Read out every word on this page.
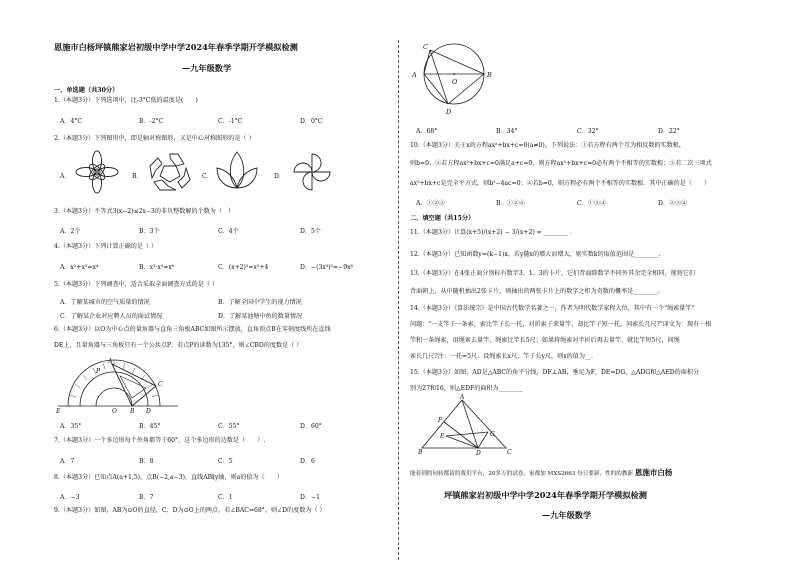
恩施市白杨坪镇熊家岩初级中学中学2024年春季学期开学模拟检测
—九年级数学
一、单选题（共30分）
1.（本题3分）下列选项中，比-3°C低的温度是(　　)
A．4°C	B．-2°C	C．-1°C	D．0°C
2.（本题3分）下列图形中，即是轴对称图形，又是中心对称图形的是（ ）
A．	B．	C．	D．
3.（本题3分）不等式3(x−2)≤2x−3的非负整数解的个数为（　）
A．2个	B．3个	C．4个	D．5个
4.（本题3分）下列计算正确的是（ ）
A．x²+x²=x⁴	B．x³·x³=x⁶	C．(x+2)²=x²+4	D．−(3x³)²=−9x⁶
5.（本题3分）下列调查中，适合采取全面调查方式的是（ ）
A．了解某城市的空气质量的情况	B．了解全国中学生的视力情况
C．了解某企业对应聘人员的面试情况	D．了解某池塘中鱼的数量情况
6.（本题3分）以O为中心点的量角器与直角三角板ABC如图所示摆放，直角顶点B在零刻度线所在直线
DE上，且量角器与三角板只有一个公共点P，若点P的读数为135°，则∠CBD的度数是（ ）
A
C
P
E	O B D
A．35°	B．45°	C．55°	D．60°
7.（本题3分）一个多边形每个外角都等于60°，这个多边形的边数是（　　）.
A．7	B．8	C．5	D．6
8.（本题3分）已知点A(a+1,5)，点B(−2,a−3)，直线AB∥y轴，则a的值为（　　）
A．−3	B．7	C．1	D．−1
9.（本题3分）如图，AB为⊙O的直径，C、D为⊙O上的两点，若∠BAC=68°，则∠D的度数为（ ）
C
A	B
O
D
A．68°	B．34°	C．32°	D．22°
10.（本题3分）关于x的方程ax²+bx+c=0(a≠0)，下列说法：①若方程有两个互为相反数的实数根，
则b=0；②若方程ax²+bx+c=0满足a+c=0，则方程ax²+bx+c=0必有两个不相等的实数根；③若二次三项式
ax²+bx+c是完全平方式，则b²−4ac=0；④若b=0，则方程必有两个不相等的实数根．其中正确的是（　　）
A．①②③	B．①②④	C．①③④	D．②③④
二、填空题（共15分）
11.（本题3分）计算(x+5)/(x+2) − 3/(x+2) = ________ .
12.（本题3分）已知函数y=(k−1)x，若y随x的增大而增大，则实数k的取值范围是________.
13.（本题3分）在4张正面分别标有数字3、1、3的卡片，它们背面除数字不同外其余完全相同，现将它们
背面朝上，从中随机抽出2张卡片，则抽出的两张卡片上的数字之积为奇数的概率是________.
14.（本题3分）《算法统宗》是中国古代数学名著之一，作者为明代数学家程大位，其中有一个"绳索量竿"
问题："一支竿子一条索，索比竿子长一托，对折索子来量竿，却比竿子短一托，问索长几尺?"译文为：现有一根
竿和一条绳索，用绳索去量竿，绳索比竿长5尺；如果将绳索对半折后再去量竿，就比竿短5尺，问绳
索长几尺?注：一托=5尺．设绳索长x尺，竿子长y尺，则x的值为__.
15.（本题3分）如图，AD是△ABC的角平分线，DF⊥AB，垂足为F，DE=DG，△ADG和△AED的面积分
别为27和16，则△EDF的面积为________
A
F
E
B	D
G
C
能着到的同转都请的我们平台，20多万的试卷，家都加 MXS2663 每日要新，性的的教新 恩施市白杨
坪镇熊家岩初级中学中学2024年春季学期开学模拟检测
—九年级数学
